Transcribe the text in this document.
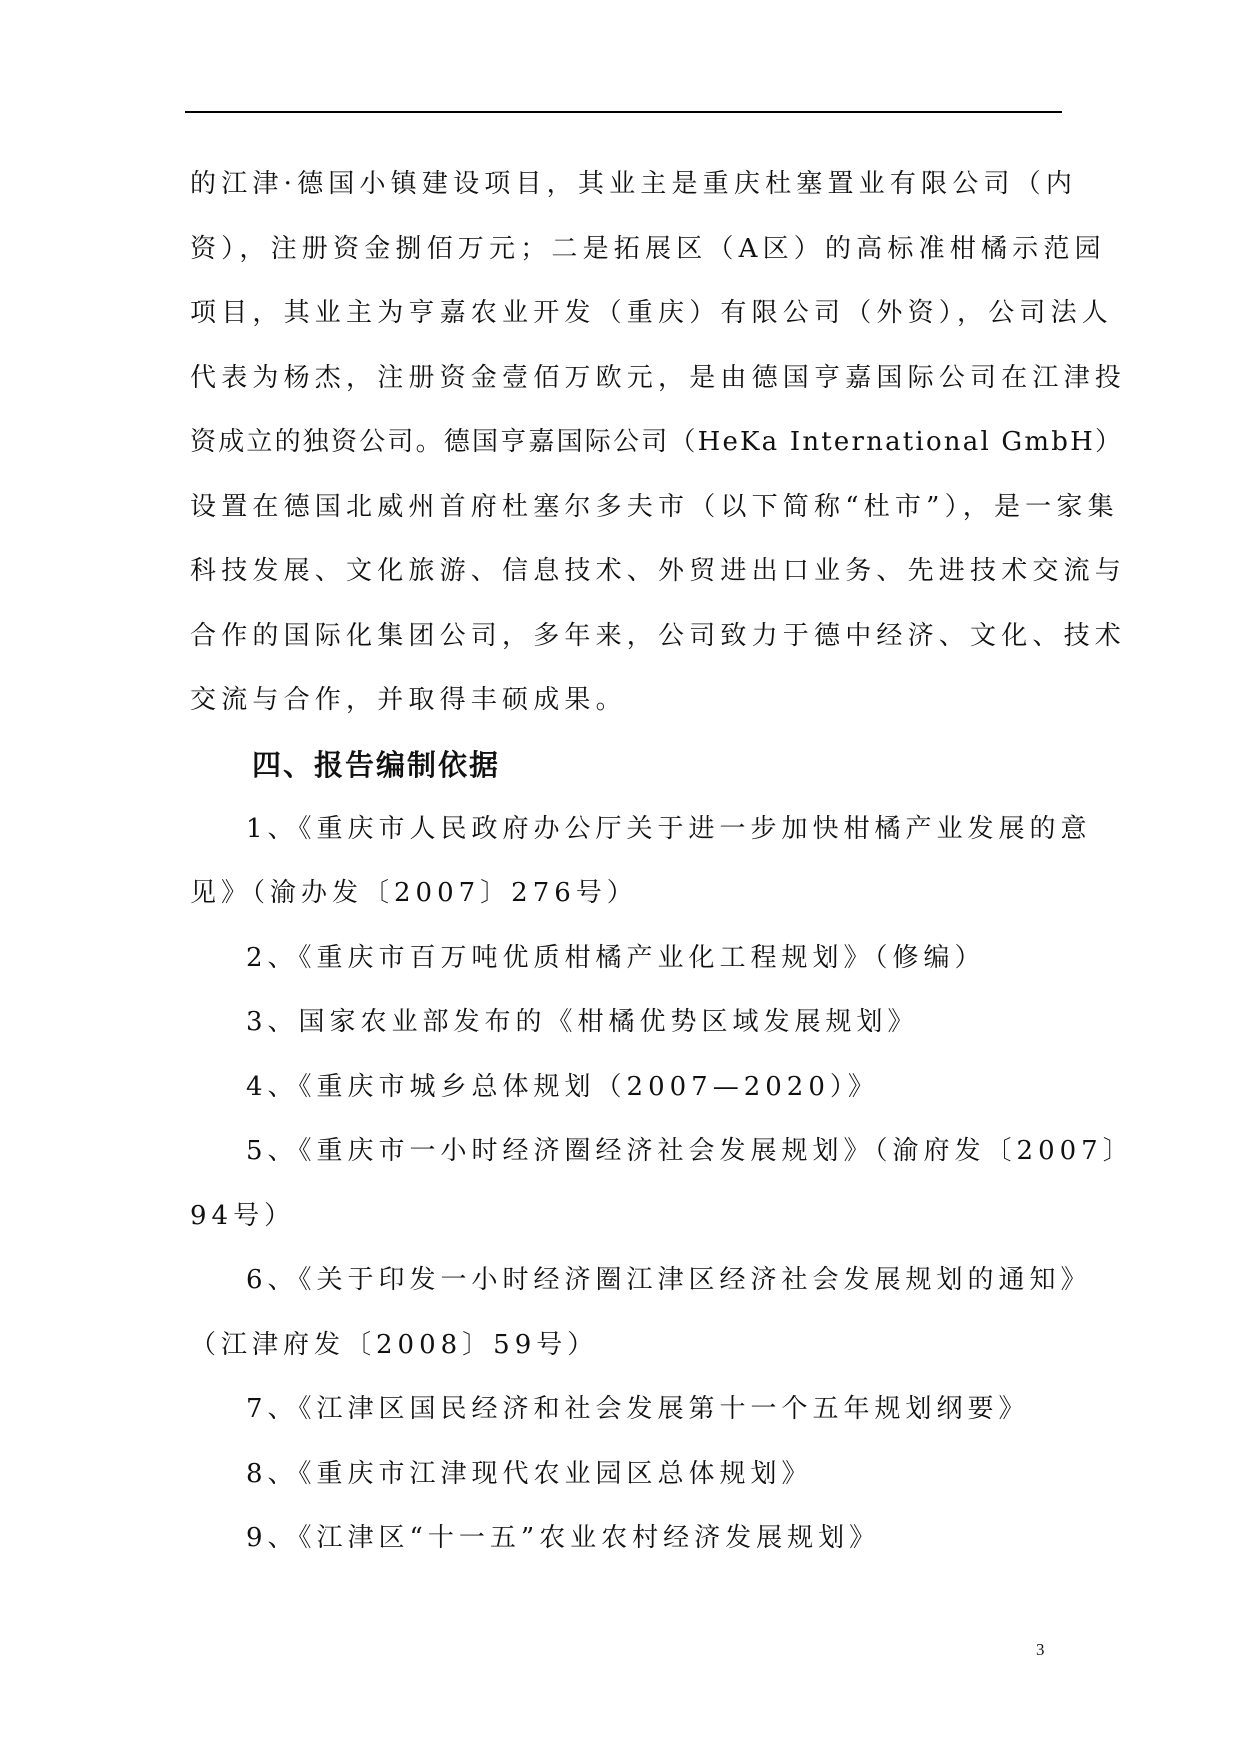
的江津·德国小镇建设项目，其业主是重庆杜塞置业有限公司（内
资），注册资金捌佰万元；二是拓展区（A区）的高标准柑橘示范园
项目，其业主为亨嘉农业开发（重庆）有限公司（外资），公司法人
代表为杨杰，注册资金壹佰万欧元，是由德国亨嘉国际公司在江津投
资成立的独资公司。德国亨嘉国际公司（HeKa International GmbH）
设置在德国北威州首府杜塞尔多夫市（以下简称“杜市”），是一家集
科技发展、文化旅游、信息技术、外贸进出口业务、先进技术交流与
合作的国际化集团公司，多年来，公司致力于德中经济、文化、技术
交流与合作，并取得丰硕成果。

四、报告编制依据
1、《重庆市人民政府办公厅关于进一步加快柑橘产业发展的意
见》（渝办发〔2007〕276号）
2、《重庆市百万吨优质柑橘产业化工程规划》（修编）
3、国家农业部发布的《柑橘优势区域发展规划》
4、《重庆市城乡总体规划（2007—2020）》
5、《重庆市一小时经济圈经济社会发展规划》（渝府发〔2007〕
94号）
6、《关于印发一小时经济圈江津区经济社会发展规划的通知》
（江津府发〔2008〕59号）
7、《江津区国民经济和社会发展第十一个五年规划纲要》
8、《重庆市江津现代农业园区总体规划》
9、《江津区“十一五”农业农村经济发展规划》
3
